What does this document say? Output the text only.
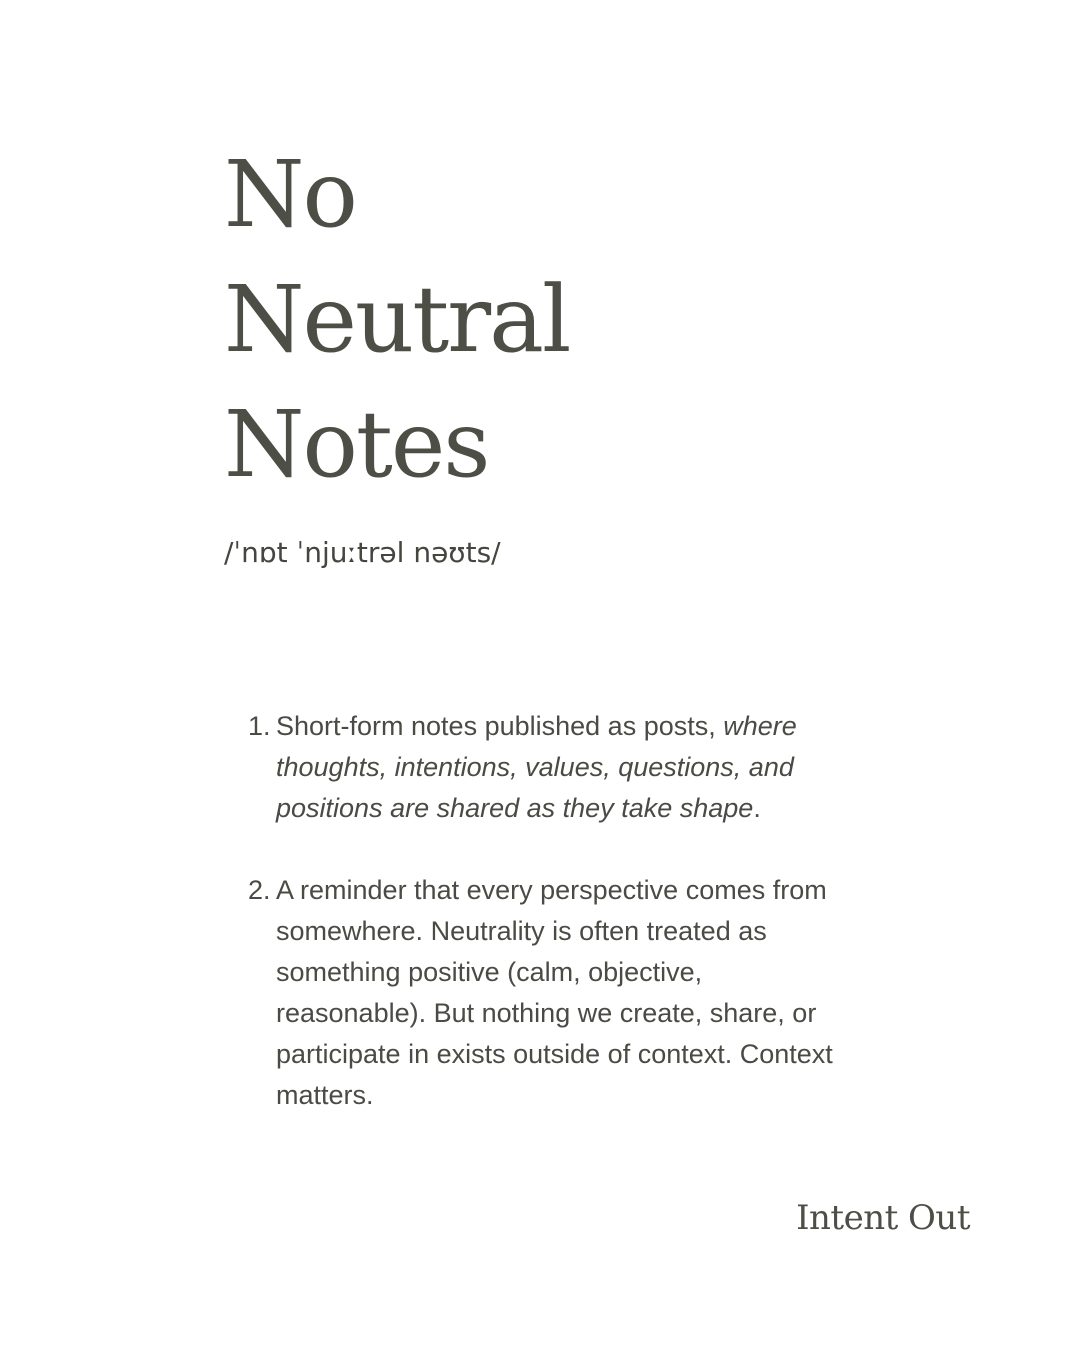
No
Neutral
Notes

/ˈnɒt ˈnjuːtrəl nəʊts/

1. Short-form notes published as posts, where thoughts, intentions, values, questions, and positions are shared as they take shape.
2. A reminder that every perspective comes from somewhere. Neutrality is often treated as something positive (calm, objective, reasonable). But nothing we create, share, or participate in exists outside of context. Context matters.

Intent Out
